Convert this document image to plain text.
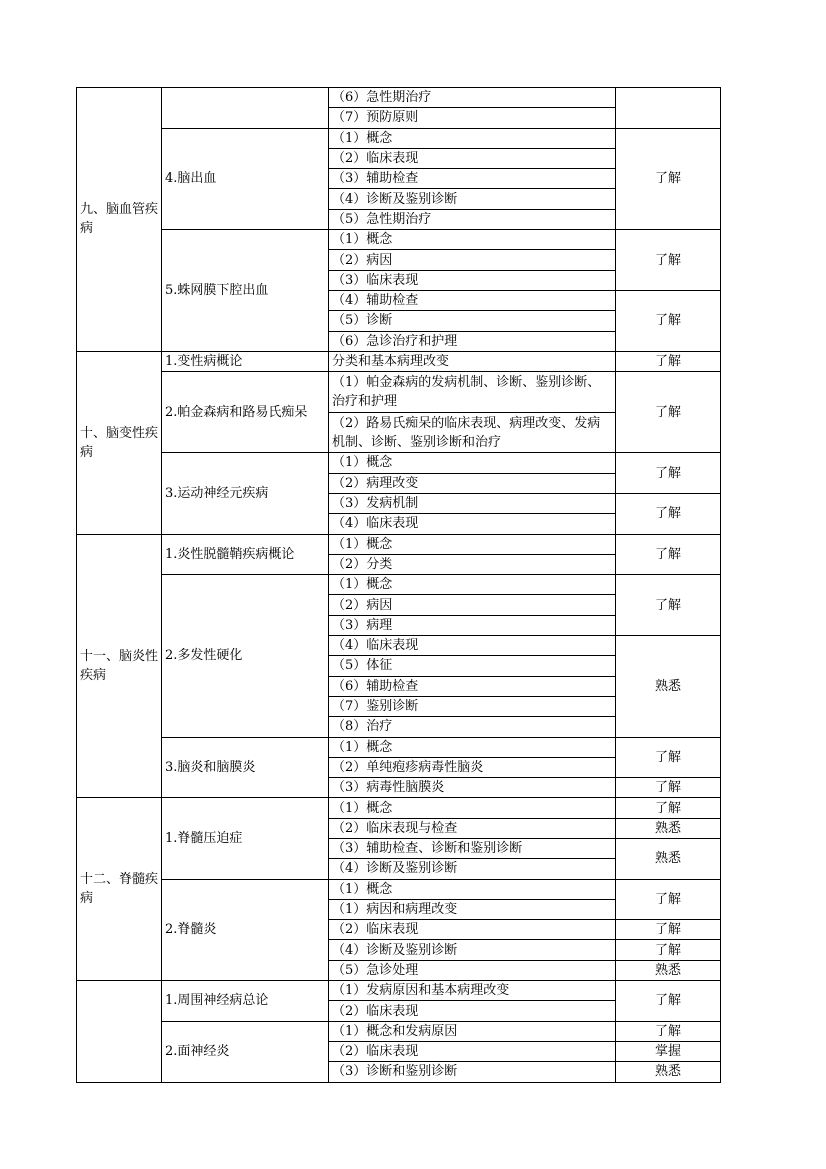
九、脑血管疾病		（6）急性期治疗	
		（7）预防原则	
	4.脑出血	（1）概念	了解
		（2）临床表现	
		（3）辅助检查	
		（4）诊断及鉴别诊断	
		（5）急性期治疗	
	5.蛛网膜下腔出血	（1）概念	了解
		（2）病因	
		（3）临床表现	
		（4）辅助检查	了解
		（5）诊断	
		（6）急诊治疗和护理	
十、脑变性疾病	1.变性病概论	分类和基本病理改变	了解
	2.帕金森病和路易氏痴呆	（1）帕金森病的发病机制、诊断、鉴别诊断、治疗和护理	了解
		（2）路易氏痴呆的临床表现、病理改变、发病机制、诊断、鉴别诊断和治疗	
	3.运动神经元疾病	（1）概念	了解
		（2）病理改变	
		（3）发病机制	了解
		（4）临床表现	
十一、脑炎性疾病	1.炎性脱髓鞘疾病概论	（1）概念	了解
		（2）分类	
	2.多发性硬化	（1）概念	了解
		（2）病因	
		（3）病理	
		（4）临床表现	熟悉
		（5）体征	
		（6）辅助检查	
		（7）鉴别诊断	
		（8）治疗	
	3.脑炎和脑膜炎	（1）概念	了解
		（2）单纯疱疹病毒性脑炎	
		（3）病毒性脑膜炎	了解
十二、脊髓疾病	1.脊髓压迫症	（1）概念	了解
		（2）临床表现与检查	熟悉
		（3）辅助检查、诊断和鉴别诊断	熟悉
		（4）诊断及鉴别诊断	
	2.脊髓炎	（1）概念	了解
		（1）病因和病理改变	
		（2）临床表现	了解
		（4）诊断及鉴别诊断	了解
		（5）急诊处理	熟悉
	1.周围神经病总论	（1）发病原因和基本病理改变	了解
		（2）临床表现	
	2.面神经炎	（1）概念和发病原因	了解
		（2）临床表现	掌握
		（3）诊断和鉴别诊断	熟悉
